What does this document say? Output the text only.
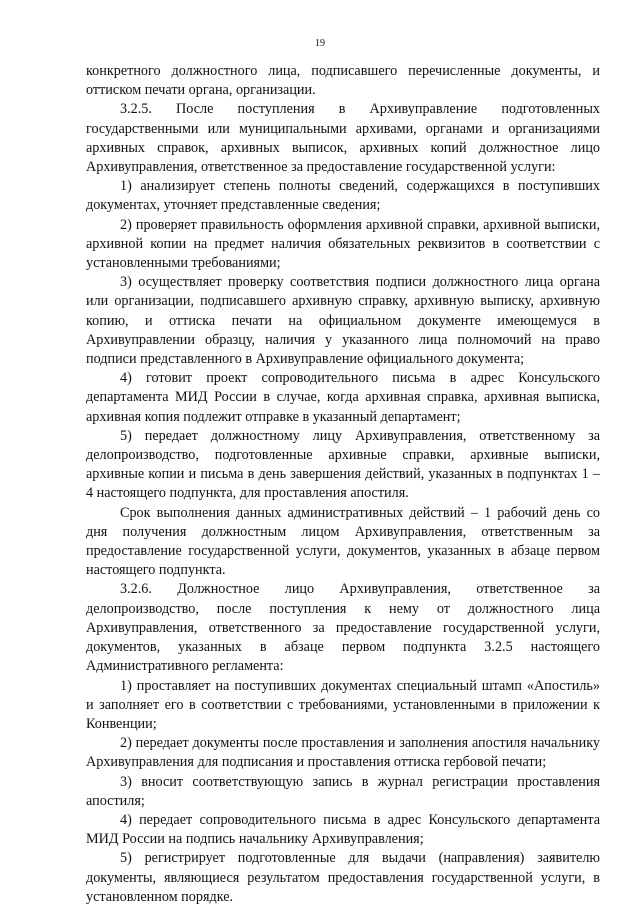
19

конкретного должностного лица, подписавшего перечисленные документы, и оттиском печати органа, организации.

3.2.5. После поступления в Архивуправление подготовленных государственными или муниципальными архивами, органами и организациями архивных справок, архивных выписок, архивных копий должностное лицо Архивуправления, ответственное за предоставление государственной услуги:

1) анализирует степень полноты сведений, содержащихся в поступивших документах, уточняет представленные сведения;

2) проверяет правильность оформления архивной справки, архивной выписки, архивной копии на предмет наличия обязательных реквизитов в соответствии с установленными требованиями;

3) осуществляет проверку соответствия подписи должностного лица органа или организации, подписавшего архивную справку, архивную выписку, архивную копию, и оттиска печати на официальном документе имеющемуся в Архивуправлении образцу, наличия у указанного лица полномочий на право подписи представленного в Архивуправление официального документа;

4) готовит проект сопроводительного письма в адрес Консульского департамента МИД России в случае, когда архивная справка, архивная выписка, архивная копия подлежит отправке в указанный департамент;

5) передает должностному лицу Архивуправления, ответственному за делопроизводство, подготовленные архивные справки, архивные выписки, архивные копии и письма в день завершения действий, указанных в подпунктах 1 – 4 настоящего подпункта, для проставления апостиля.

Срок выполнения данных административных действий – 1 рабочий день со дня получения должностным лицом Архивуправления, ответственным за предоставление государственной услуги, документов, указанных в абзаце первом настоящего подпункта.

3.2.6. Должностное лицо Архивуправления, ответственное за делопроизводство, после поступления к нему от должностного лица Архивуправления, ответственного за предоставление государственной услуги, документов, указанных в абзаце первом подпункта 3.2.5 настоящего Административного регламента:

1) проставляет на поступивших документах специальный штамп «Апостиль» и заполняет его в соответствии с требованиями, установленными в приложении к Конвенции;

2) передает документы после проставления и заполнения апостиля начальнику Архивуправления для подписания и проставления оттиска гербовой печати;

3) вносит соответствующую запись в журнал регистрации проставления апостиля;

4) передает сопроводительного письма в адрес Консульского департамента МИД России на подпись начальнику Архивуправления;

5) регистрирует подготовленные для выдачи (направления) заявителю документы, являющиеся результатом предоставления государственной услуги, в установленном порядке.
